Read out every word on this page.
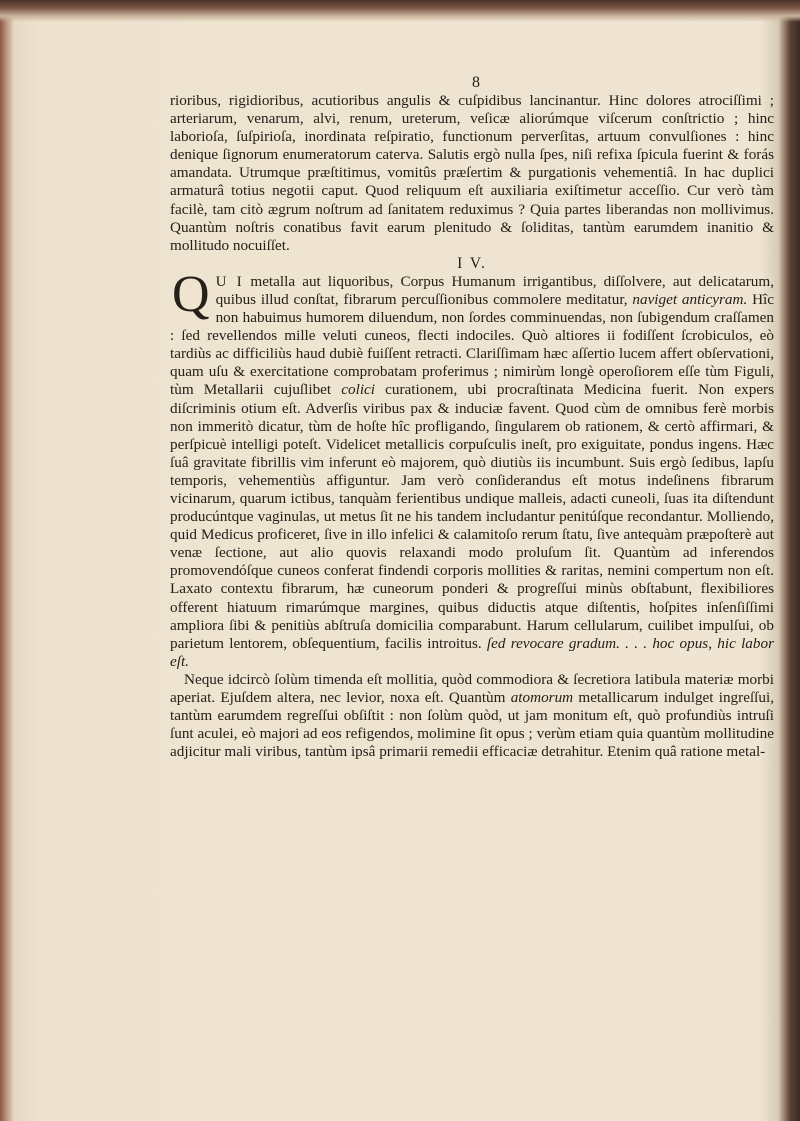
8

rioribus, rigidioribus, acutioribus angulis & cuſpidibus lancinantur. Hinc dolores atrociſſimi ; arteriarum, venarum, alvi, renum, ureterum, veſicæ aliorúmque viſcerum conſtrictio ; hinc laborioſa, ſuſpirioſa, inordinata reſpiratio, functionum perverſitas, artuum convulſiones : hinc denique ſignorum enumeratorum caterva. Salutis ergò nulla ſpes, niſi refixa ſpicula fuerint & forás amandata. Utrumque præſtitimus, vomitûs præſertim & purgationis vehementiâ. In hac duplici armaturâ totius negotii caput. Quod reliquum eſt auxiliaria exiſtimetur acceſſio. Cur verò tàm facilè, tam citò ægrum noſtrum ad ſanitatem reduximus ? Quia partes liberandas non mollivimus. Quantùm noſtris conatibus favit earum plenitudo & ſoliditas, tantùm earumdem inanitio & mollitudo nocuiſſet.

I V.

Q U I metalla aut liquoribus, Corpus Humanum irrigantibus, diſſolvere, aut delicatarum, quibus illud conſtat, fibrarum percuſſionibus commolere meditatur, naviget anticyram. Hîc non habuimus humorem diluendum, non ſordes comminuendas, non ſubigendum craſſamen : ſed revellendos mille veluti cuneos, flecti indociles. Quò altiores ii fodiſſent ſcrobiculos, eò tardiùs ac difficiliùs haud dubiè fuiſſent retracti. Clariſſimam hæc aſſertio lucem affert obſervationi, quam uſu & exercitatione comprobatam proferimus ; nimirùm longè operoſiorem eſſe tùm Figuli, tùm Metallarii cujuſlibet colici curationem, ubi procraſtinata Medicina fuerit. Non expers diſcriminis otium eſt. Adverſis viribus pax & induciæ favent. Quod cùm de omnibus ferè morbis non immeritò dicatur, tùm de hoſte hîc profligando, ſingularem ob rationem, & certò affirmari, & perſpicuè intelligi poteſt. Videlicet metallicis corpuſculis ineſt, pro exiguitate, pondus ingens. Hæc ſuâ gravitate fibrillis vim inferunt eò majorem, quò diutiùs iis incumbunt. Suis ergò ſedibus, lapſu temporis, vehementiùs affiguntur. Jam verò conſiderandus eſt motus indeſinens fibrarum vicinarum, quarum ictibus, tanquàm ferientibus undique malleis, adacti cuneoli, ſuas ita diſtendunt producúntque vaginulas, ut metus ſit ne his tandem includantur penitúſque recondantur. Molliendo, quid Medicus proficeret, ſive in illo infelici & calamitoſo rerum ſtatu, ſive antequàm præpoſterè aut venæ ſectione, aut alio quovis relaxandi modo proluſum ſit. Quantùm ad inferendos promovendóſque cuneos conferat findendi corporis mollities & raritas, nemini compertum non eſt. Laxato contextu fibrarum, hæ cuneorum ponderi & progreſſui minùs obſtabunt, flexibiliores offerent hiatuum rimarúmque margines, quibus diductis atque diſtentis, hoſpites inſenſiſſimi ampliora ſibi & penitiùs abſtruſa domicilia comparabunt. Harum cellularum, cuilibet impulſui, ob parietum lentorem, obſequentium, facilis introitus. ſed revocare gradum. . . . hoc opus, hic labor eſt.

Neque idcircò ſolùm timenda eſt mollitia, quòd commodiora & ſecretiora latibula materiæ morbi aperiat. Ejuſdem altera, nec levior, noxa eſt. Quantùm atomorum metallicarum indulget ingreſſui, tantùm earumdem regreſſui obſiſtit : non ſolùm quòd, ut jam monitum eſt, quò profundiùs intruſi ſunt aculei, eò majori ad eos refigendos, molimine ſit opus ; verùm etiam quia quantùm mollitudine adjicitur mali viribus, tantùm ipsâ primarii remedii efficaciæ detrahitur. Etenim quâ ratione metal-
